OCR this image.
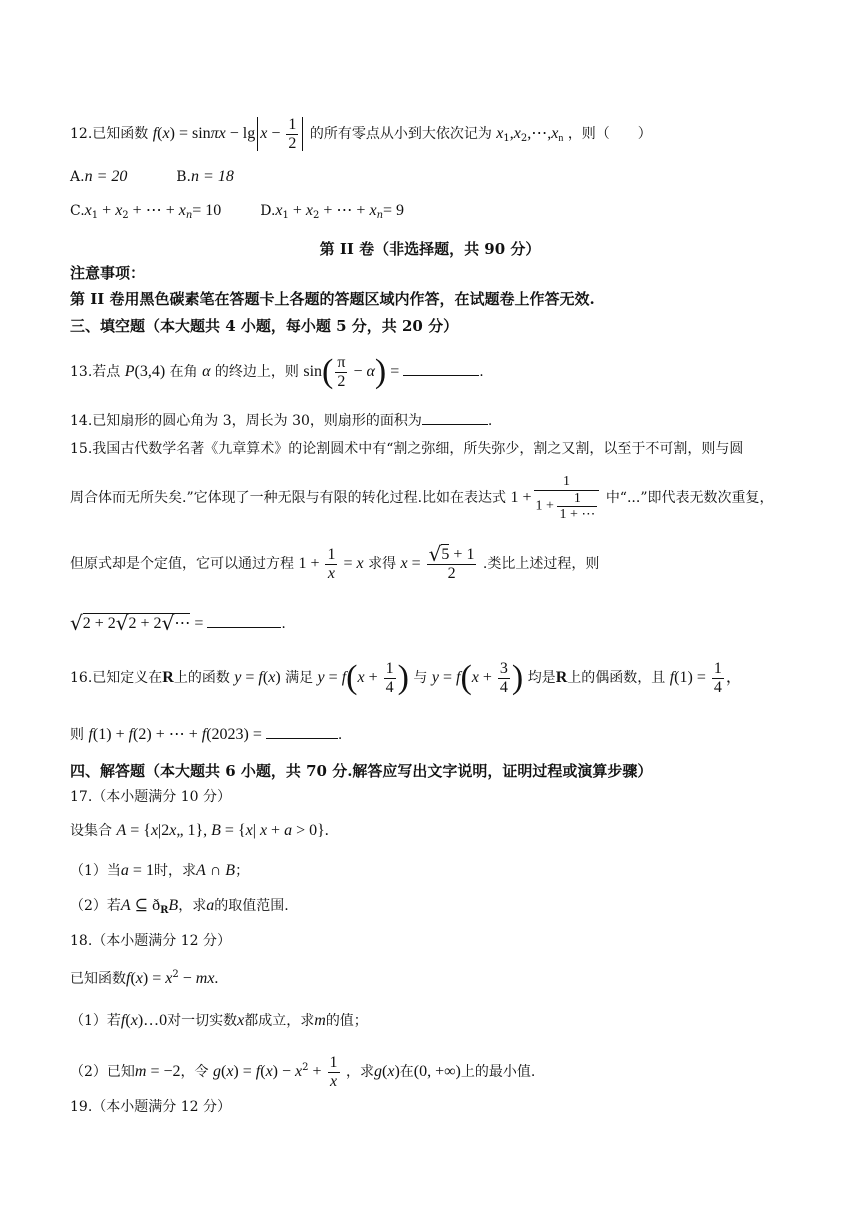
12.已知函数 $f(x) = \sin\pi x - \lg x - \frac{1}{2}$ 的所有零点从小到大依次记为 $x_1,x_2,\cdots,x_n$ ，则（　　）
A.n = 20	B.n = 18
$C.x_1 + x_2$ + ⋯ + $x_n= 10$	$D.x_1 + x_2$ + ⋯ + $x_n= 9$
第 II 卷（非选择题，共 90 分）
注意事项：
第 II 卷用黑色碳素笔在答题卡上各题的答题区域内作答，在试题卷上作答无效.
三、填空题（本大题共 4 小题，每小题 5 分，共 20 分）
13.若点 P(3,4) 在角 α 的终边上，则 $\sin( \frac{\pi}{2} - \alpha)$ =	.
14.已知扇形的圆心角为 3，周长为 30，则扇形的面积为	.
15.我国古代数学名著《九章算术》的论割圆术中有“割之弥细，所失弥少，割之又割，以至于不可割，则与圆
周合体而无所失矣.”它体现了一种无限与有限的转化过程.比如在表达式 $1 + \frac{1}{1 + \frac{1}{1 + \cdots}}$ 中“...”即代表无数次重复，
但原式却是个定值，它可以通过方程 $1 + \frac{1}{x} = x$ 求得 $x = \frac{√5 + 1}{2}$ .类比上述过程，则
√2 + 2√2 + 2√⋯ =	.
16.已知定义在R上的函数 y = f(x) 满足 $y = f(x + \frac{1}{4}$ ) 与 $y = f(x + \frac{3}{4}$ ) 均是R上的偶函数，且 $f(1) = \frac{1}{4}$ ，
则 f(1) + f(2) + ⋯ + f(2023) =	.
四、解答题（本大题共 6 小题，共 70 分.解答应写出文字说明，证明过程或演算步骤）
17.（本小题满分 10 分）
设集合 A = {x|2x„ 1}, B = {x| x + a > 0}.
（1）当a = 1时，求A ∩ B；
（2）若A ⊆ $ð_RB$，求a的取值范围.
18.（本小题满分 12 分）
已知函数$f(x) = x^2$ − mx.
（1）若f(x)…0对一切实数x都成立，求m的值；
（2）已知m = −2，令 $g(x) = f(x) - x^2 + \frac{1}{x}$ ，求g(x)在(0, +∞)上的最小值.
19.（本小题满分 12 分）
